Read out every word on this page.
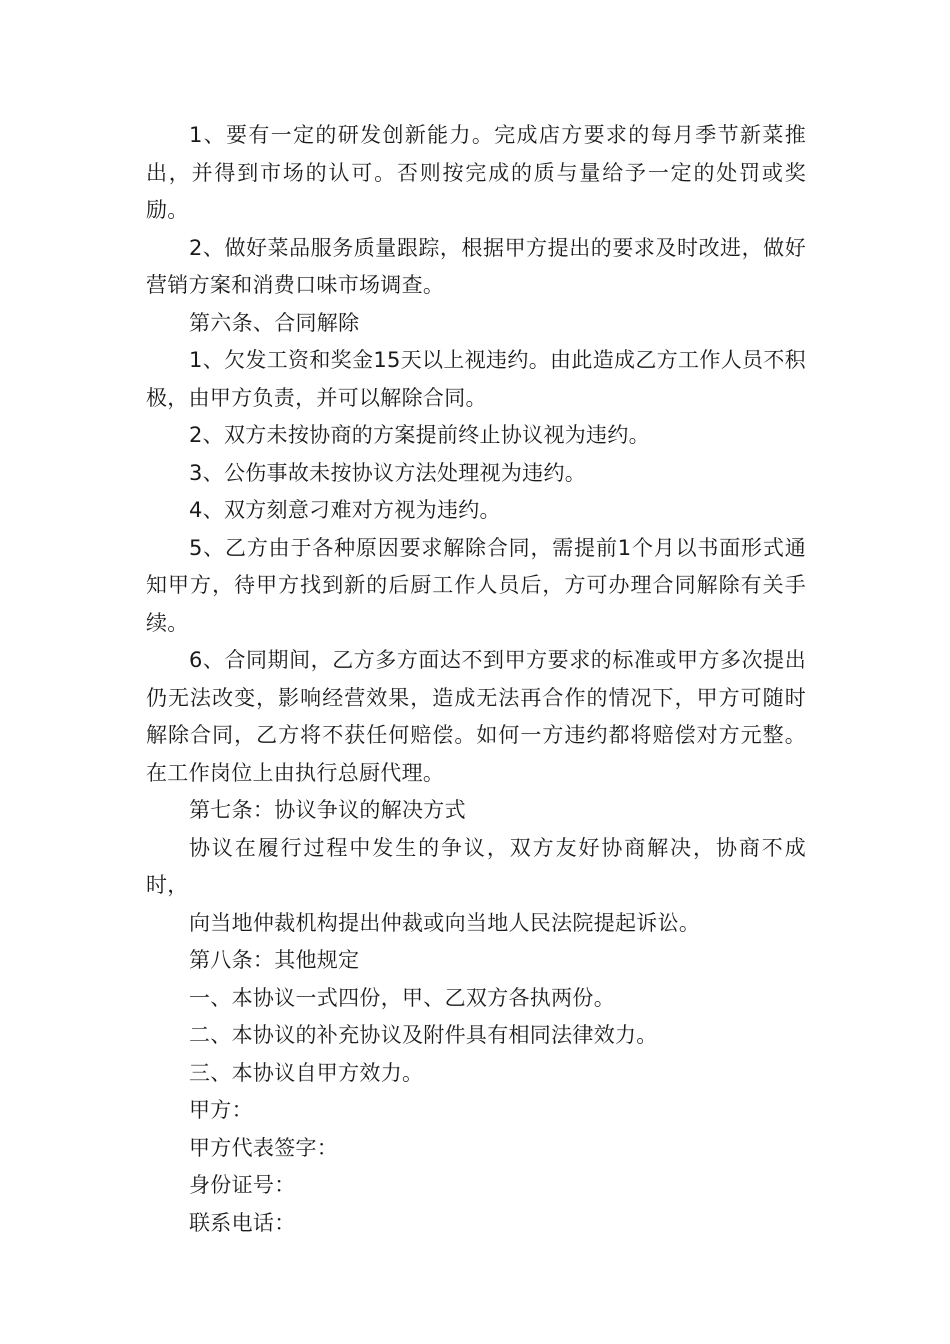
1、要有一定的研发创新能力。完成店方要求的每月季节新菜推出，并得到市场的认可。否则按完成的质与量给予一定的处罚或奖励。

2、做好菜品服务质量跟踪，根据甲方提出的要求及时改进，做好营销方案和消费口味市场调查。

第六条、合同解除

1、欠发工资和奖金15天以上视违约。由此造成乙方工作人员不积极，由甲方负责，并可以解除合同。

2、双方未按协商的方案提前终止协议视为违约。

3、公伤事故未按协议方法处理视为违约。

4、双方刻意刁难对方视为违约。

5、乙方由于各种原因要求解除合同，需提前1个月以书面形式通知甲方，待甲方找到新的后厨工作人员后，方可办理合同解除有关手续。

6、合同期间，乙方多方面达不到甲方要求的标准或甲方多次提出仍无法改变，影响经营效果，造成无法再合作的情况下，甲方可随时解除合同，乙方将不获任何赔偿。如何一方违约都将赔偿对方元整。在工作岗位上由执行总厨代理。

第七条：协议争议的解决方式

协议在履行过程中发生的争议，双方友好协商解决，协商不成时，

向当地仲裁机构提出仲裁或向当地人民法院提起诉讼。

第八条：其他规定

一、本协议一式四份，甲、乙双方各执两份。

二、本协议的补充协议及附件具有相同法律效力。

三、本协议自甲方效力。

甲方：

甲方代表签字：

身份证号：

联系电话：
